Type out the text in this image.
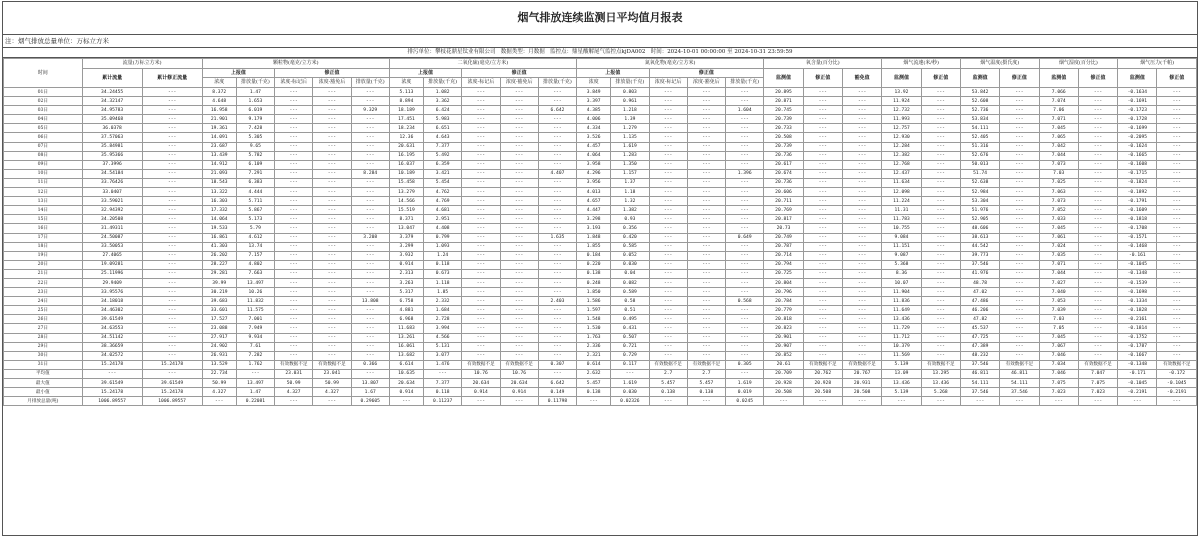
烟气排放连续监测日平均值月报表
注：烟气排放总量单位：万标立方米
排污单位：攀枝花鼎星钛业有限公司 数据类型：月数据 监控点：鼎星酸解尾气监控点kjDA002 时间：2024-10-01 00:00:00 至 2024-10-31 23:59:59
时间	流量(万标立方米)		颗粒物(毫克/立方米)					二氧化硫(毫克/立方米)					氮氧化物(毫克/立方米)					氧含量(百分比)			烟气流速(米/秒)		烟气温度(摄氏度)		烟气湿度(百分比)		烟气压力(千帕)	
	累计流量	累计修正流量	上报值		修正值			上报值		修正值			上报值		修正值			监测值	修正值	豁免值	监测值	修正值	监测值	修正值	监测值	修正值	监测值	修正值
			浓度	排放量(千克)	浓度-标记后	浓度-豁免后	排放量(千克)	浓度	排放量(千克)	浓度-标记后	浓度-豁免后	排放量(千克)	浓度	排放量(千克)	浓度-标记后	浓度-豁免后	排放量(千克)											
01日	34.24455	---	8.372	1.47	---	---	---	5.113	1.082	---	---	---	3.849	0.803	---	---	---	20.895	---	---	13.92	---	53.842	---	7.066	---	-0.1634	---
02日	34.32147	---	4.648	1.653	---	---	---	8.894	3.362	---	---	---	3.397	0.961	---	---	---	20.871	---	---	11.924	---	52.608	---	7.074	---	-0.1691	---
03日	34.95783	---	16.958	6.019	---	---	9.329	18.189	6.424	---	---	6.642	4.385	1.218	---	---	1.604	20.745	---	---	12.732	---	52.736	---	7.06	---	-0.1723	---
04日	35.09468	---	21.901	9.179	---	---	---	17.451	5.983	---	---	---	4.006	1.39	---	---	---	20.739	---	---	11.993	---	53.834	---	7.071	---	-0.1728	---
05日	36.0378	---	19.361	7.428	---	---	---	18.234	6.651	---	---	---	4.334	1.279	---	---	---	20.733	---	---	12.757	---	54.111	---	7.045	---	-0.1699	---
06日	37.57063	---	14.091	5.305	---	---	---	12.36	4.643	---	---	---	3.526	1.135	---	---	---	20.508	---	---	12.930	---	52.405	---	7.065	---	-0.2095	---
07日	35.84981	---	23.687	9.65	---	---	---	20.631	7.377	---	---	---	4.457	1.619	---	---	---	20.739	---	---	12.284	---	51.316	---	7.042	---	-0.1624	---
08日	35.95366	---	13.439	5.782	---	---	---	16.195	5.492	---	---	---	4.064	1.283	---	---	---	20.736	---	---	12.382	---	52.676	---	7.044	---	-0.1665	---
09日	37.3996	---	14.912	6.109	---	---	---	16.037	6.359	---	---	---	3.958	1.350	---	---	---	20.617	---	---	12.768	---	50.013	---	7.073	---	-0.1608	---
10日	34.54184	---	21.093	7.291	---	---	8.284	10.189	3.421	---	---	4.407	4.296	1.157	---	---	1.396	20.674	---	---	12.437	---	51.74	---	7.03	---	-0.1715	---
11日	33.76426	---	18.543	6.383	---	---	---	15.458	5.454	---	---	---	3.956	1.37	---	---	---	20.736	---	---	11.634	---	52.638	---	7.025	---	-0.1824	---
12日	33.0407	---	13.322	4.444	---	---	---	13.279	4.762	---	---	---	4.013	1.18	---	---	---	20.606	---	---	12.098	---	52.984	---	7.063	---	-0.1892	---
13日	33.59021	---	16.303	5.711	---	---	---	14.566	4.769	---	---	---	4.657	1.32	---	---	---	20.711	---	---	11.224	---	53.304	---	7.073	---	-0.1791	---
14日	32.94392	---	17.332	5.867	---	---	---	15.519	4.681	---	---	---	4.447	1.382	---	---	---	20.769	---	---	11.31	---	51.976	---	7.052	---	-0.1609	---
15日	34.20508	---	14.064	5.173	---	---	---	8.371	2.951	---	---	---	3.298	0.93	---	---	---	20.817	---	---	11.783	---	52.905	---	7.033	---	-0.1818	---
16日	31.49311	---	19.533	5.79	---	---	---	13.047	4.408	---	---	---	3.193	0.356	---	---	---	20.73	---	---	10.755	---	48.606	---	7.045	---	-0.1708	---
17日	24.50087	---	16.861	4.612	---	---	3.208	3.379	0.799	---	---	1.635	1.848	0.420	---	---	0.649	20.749	---	---	9.084	---	38.613	---	7.061	---	-0.1571	---
18日	33.50053	---	41.303	13.74	---	---	---	3.299	1.093	---	---	---	1.855	0.585	---	---	---	20.787	---	---	11.151	---	44.542	---	7.024	---	-0.1468	---
19日	27.4065	---	26.202	7.157	---	---	---	3.932	1.24	---	---	---	0.184	0.052	---	---	---	20.714	---	---	9.087	---	39.773	---	7.035	---	-0.161	---
20日	19.09281	---	28.227	4.802	---	---	---	0.914	0.118	---	---	---	0.220	0.030	---	---	---	20.794	---	---	5.368	---	37.546	---	7.071	---	-0.1045	---
21日	25.11996	---	29.281	7.663	---	---	---	2.313	0.673	---	---	---	0.138	0.04	---	---	---	20.725	---	---	8.36	---	41.976	---	7.044	---	-0.1348	---
22日	29.9409	---	39.99	13.497	---	---	---	3.263	1.118	---	---	---	0.248	0.082	---	---	---	20.804	---	---	10.07	---	48.78	---	7.027	---	-0.1539	---
23日	33.95576	---	30.219	10.26	---	---	---	5.317	1.85	---	---	---	1.850	0.589	---	---	---	20.796	---	---	11.904	---	47.02	---	7.040	---	-0.1698	---
24日	34.18018	---	39.683	11.832	---	---	13.808	6.758	2.332	---	---	2.403	1.586	0.58	---	---	0.568	20.784	---	---	11.836	---	47.486	---	7.053	---	-0.1334	---
25日	34.46302	---	33.601	11.575	---	---	---	4.881	1.684	---	---	---	1.597	0.51	---	---	---	20.779	---	---	11.649	---	46.206	---	7.039	---	-0.1828	---
26日	39.61549	---	17.527	7.001	---	---	---	6.968	2.728	---	---	---	1.548	0.495	---	---	---	20.818	---	---	13.436	---	47.82	---	7.03	---	-0.2161	---
27日	34.63553	---	23.088	7.949	---	---	---	11.683	3.994	---	---	---	1.530	0.431	---	---	---	20.823	---	---	11.729	---	45.537	---	7.05	---	-0.1814	---
28日	34.51142	---	27.917	9.934	---	---	---	13.261	4.566	---	---	---	1.763	0.507	---	---	---	20.901	---	---	11.712	---	47.725	---	7.045	---	-0.1752	---
29日	38.36659	---	24.902	7.61	---	---	---	16.061	5.131	---	---	---	2.336	0.721	---	---	---	20.907	---	---	10.379	---	47.389	---	7.067	---	-0.1787	---
30日	34.02572	---	26.931	7.282	---	---	---	13.682	3.077	---	---	---	2.321	0.729	---	---	---	20.852	---	---	11.569	---	48.232	---	7.046	---	-0.1667	---
31日	15.24178	15.24178	13.529	1.762	有效数据不足	有效数据不足	0.366	6.614	1.476	有效数据不足	有效数据不足	0.307	0.614	0.117	有效数据不足	有效数据不足	0.305	20.61	有效数据不足	有效数据不足	5.139	有效数据不足	37.546	有效数据不足	7.034	有效数据不足	-0.1348	有效数据不足
平均值	---	---	22.734	---	23.031	23.041	---	10.635	---	10.76	10.76	---	2.632	---	2.7	2.7	---	20.709	20.762	20.767	13.09	13.295	46.811	46.811	7.046	7.047	-0.171	-0.172
最大值	39.61549	39.61549	50.99	13.497	50.99	50.99	13.807	20.634	7.377	20.634	20.634	6.642	5.457	1.619	5.457	5.457	1.619	20.928	20.928	20.931	13.436	13.436	54.111	54.111	7.075	7.075	-0.1045	-0.1045
最小值	15.24178	15.24178	4.327	1.47	4.327	4.327	1.67	0.914	0.118	0.914	0.914	0.149	0.138	0.030	0.138	0.138	0.019	20.508	20.508	20.508	5.139	5.268	37.546	37.546	7.023	7.023	-0.2191	-0.2191
月排放总量(吨)	1006.89557	1006.89557	---	0.22081	---	---	0.29605	---	0.11237	---	---	0.11798	---	0.02326	---	---	0.0245	---	---	---	---	---	---	---	---	---	---	---
